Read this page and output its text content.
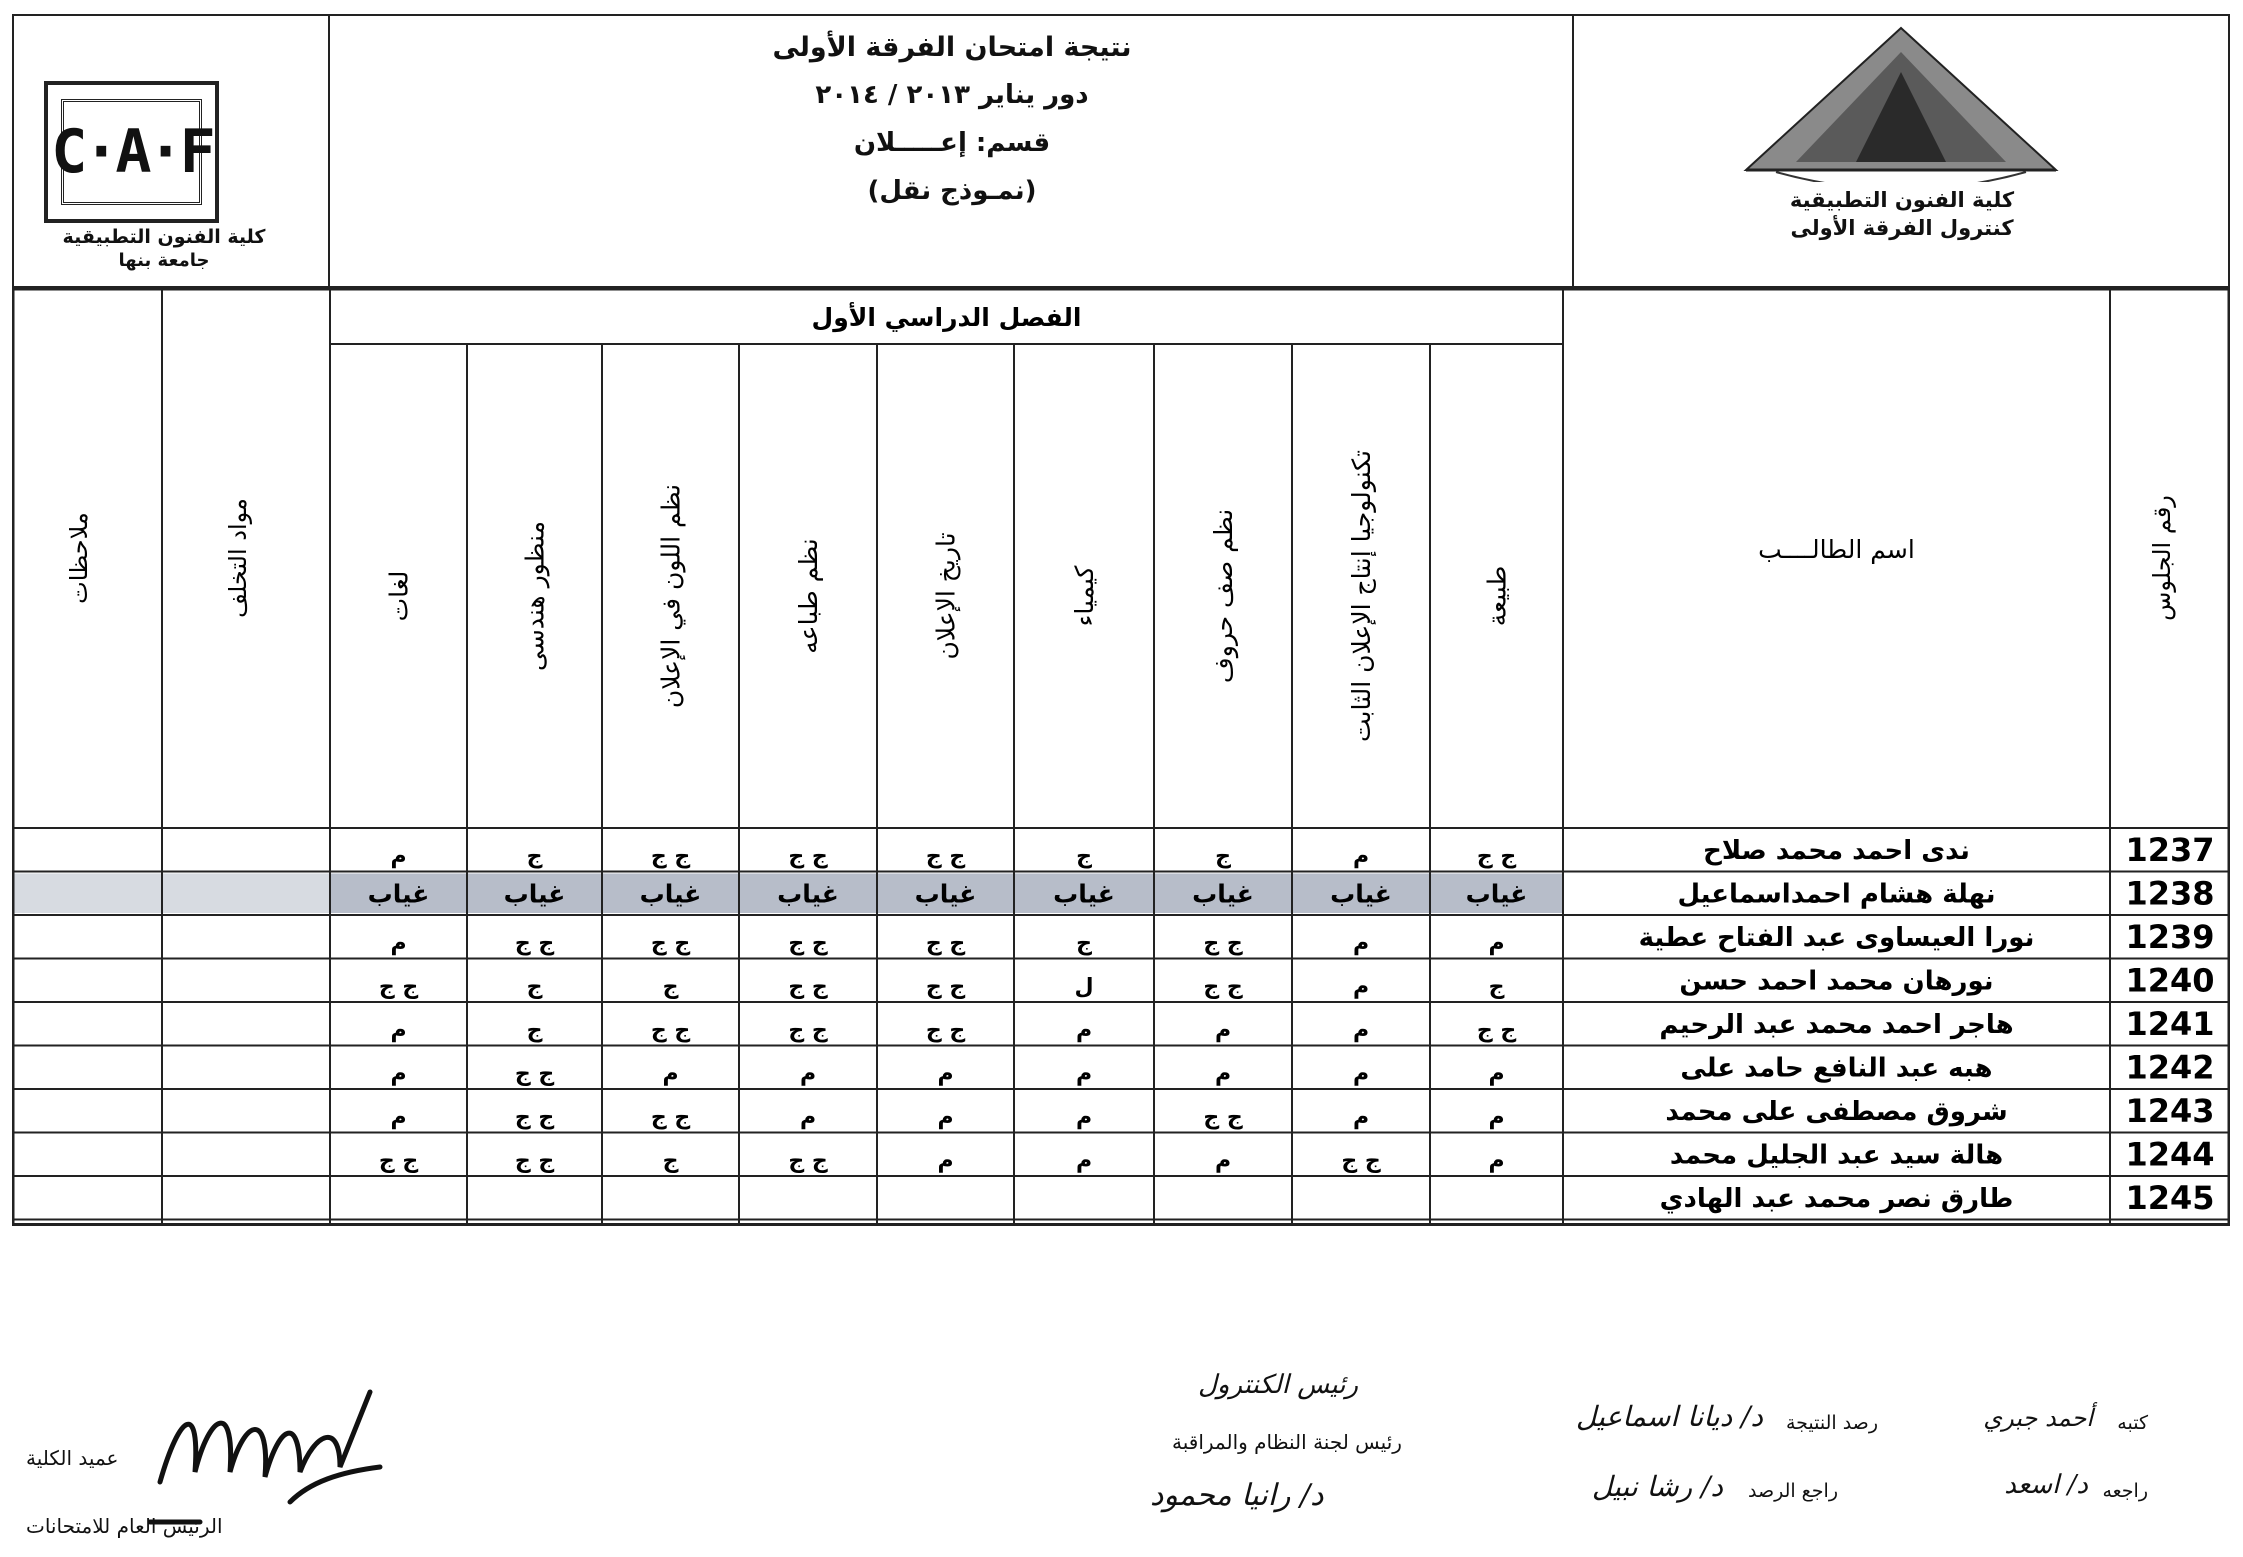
C·A·F
كلية الفنون التطبيقية
جامعة بنها
نتيجة امتحان الفرقة الأولى
دور يناير ٢٠١٣ / ٢٠١٤
قسم: إعـــــلان
(نمـوذج نقل)	كلية الفنون التطبيقية
كنترول الفرقة الأولى
الفصل الدراسي الأول
رقم الجلوس
اسم الطالــــب
مواد التخلف
ملاحظات	طبيعة
تكنولوجيا إنتاج الإعلان الثابت
نظم صف حروف
كيمياء
تاريخ الإعلان
نظم طباعه
نظم اللون في الإعلان
منظور هندسى
لغات
1237
ندى احمد محمد صلاح
ج ج
م
ج
ج
ج ج
ج ج
ج ج
ج
م
1238
نهلة هشام احمداسماعيل
غياب
غياب
غياب
غياب
غياب
غياب
غياب
غياب
غياب
1239
نورا العيساوى عبد الفتاح عطية
م
م
ج ج
ج
ج ج
ج ج
ج ج
ج ج
م
1240
نورهان محمد احمد حسن
ج
م
ج ج
ل
ج ج
ج ج
ج
ج
ج ج
1241
هاجر احمد محمد عبد الرحيم
ج ج
م
م
م
ج ج
ج ج
ج ج
ج
م
1242
هبه عبد النافع حامد على
م
م
م
م
م
م
م
ج ج
م
1243
شروق مصطفى على محمد
م
م
ج ج
م
م
م
ج ج
ج ج
م
1244
هالة سيد عبد الجليل محمد
م
ج ج
م
م
م
ج ج
ج
ج ج
ج ج
1245
طارق نصر محمد عبد الهادي
كتبه
أحمد جبري
رصد النتيجة
د/ ديانا اسماعيل
راجعه
د/ اسعد
راجع الرصد
د/ رشا نبيل
رئيس الكنترول
رئيس لجنة النظام والمراقبة
د/ رانيا محمود
عميد الكلية
الرئيس العام للامتحانات
